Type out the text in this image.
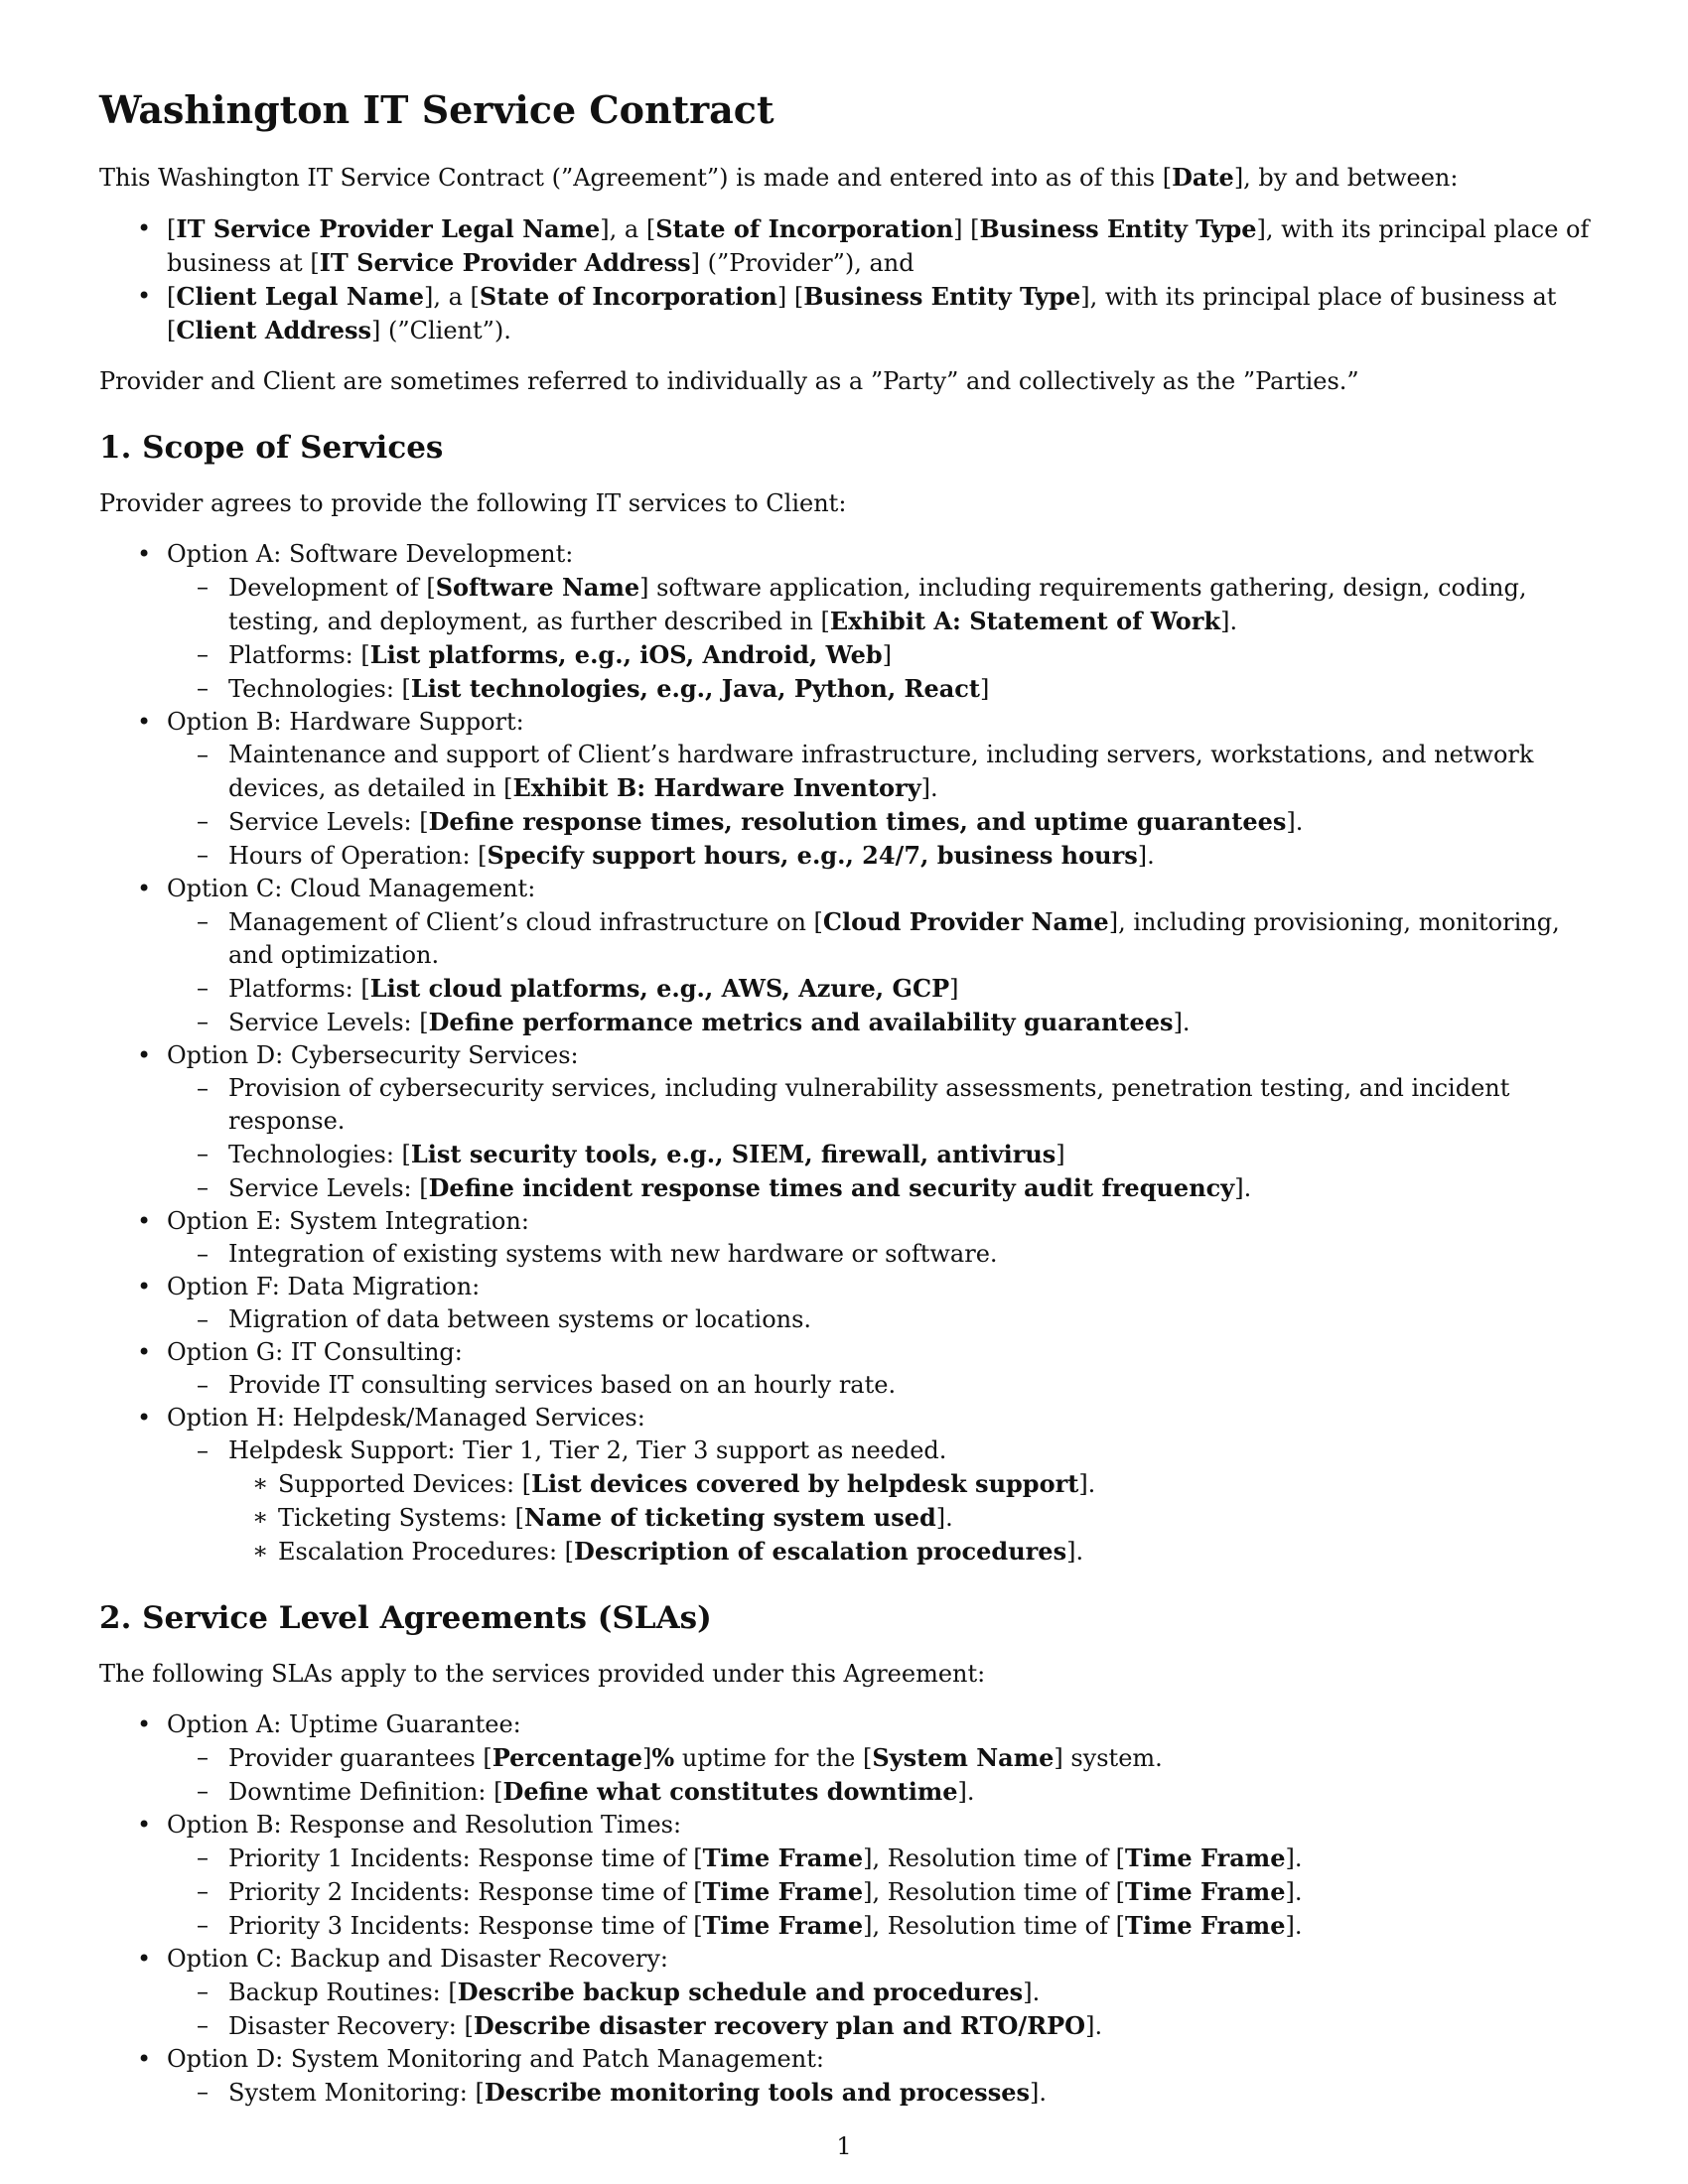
Washington IT Service Contract

This Washington IT Service Contract (”Agreement”) is made and entered into as of this [Date], by and between:

• [IT Service Provider Legal Name], a [State of Incorporation] [Business Entity Type], with its principal place of business at [IT Service Provider Address] (”Provider”), and
• [Client Legal Name], a [State of Incorporation] [Business Entity Type], with its principal place of business at [Client Address] (”Client”).

Provider and Client are sometimes referred to individually as a ”Party” and collectively as the ”Parties.”

1. Scope of Services

Provider agrees to provide the following IT services to Client:

• Option A: Software Development:
– Development of [Software Name] software application, including requirements gathering, design, coding, testing, and deployment, as further described in [Exhibit A: Statement of Work].
– Platforms: [List platforms, e.g., iOS, Android, Web]
– Technologies: [List technologies, e.g., Java, Python, React]
• Option B: Hardware Support:
– Maintenance and support of Client’s hardware infrastructure, including servers, workstations, and network devices, as detailed in [Exhibit B: Hardware Inventory].
– Service Levels: [Define response times, resolution times, and uptime guarantees].
– Hours of Operation: [Specify support hours, e.g., 24/7, business hours].
• Option C: Cloud Management:
– Management of Client’s cloud infrastructure on [Cloud Provider Name], including provisioning, monitoring, and optimization.
– Platforms: [List cloud platforms, e.g., AWS, Azure, GCP]
– Service Levels: [Define performance metrics and availability guarantees].
• Option D: Cybersecurity Services:
– Provision of cybersecurity services, including vulnerability assessments, penetration testing, and incident response.
– Technologies: [List security tools, e.g., SIEM, firewall, antivirus]
– Service Levels: [Define incident response times and security audit frequency].
• Option E: System Integration:
– Integration of existing systems with new hardware or software.
• Option F: Data Migration:
– Migration of data between systems or locations.
• Option G: IT Consulting:
– Provide IT consulting services based on an hourly rate.
• Option H: Helpdesk/Managed Services:
– Helpdesk Support: Tier 1, Tier 2, Tier 3 support as needed.
∗ Supported Devices: [List devices covered by helpdesk support].
∗ Ticketing Systems: [Name of ticketing system used].
∗ Escalation Procedures: [Description of escalation procedures].
2. Service Level Agreements (SLAs)

The following SLAs apply to the services provided under this Agreement:

• Option A: Uptime Guarantee:
– Provider guarantees [Percentage]% uptime for the [System Name] system.
– Downtime Definition: [Define what constitutes downtime].
• Option B: Response and Resolution Times:
– Priority 1 Incidents: Response time of [Time Frame], Resolution time of [Time Frame].
– Priority 2 Incidents: Response time of [Time Frame], Resolution time of [Time Frame].
– Priority 3 Incidents: Response time of [Time Frame], Resolution time of [Time Frame].
• Option C: Backup and Disaster Recovery:
– Backup Routines: [Describe backup schedule and procedures].
– Disaster Recovery: [Describe disaster recovery plan and RTO/RPO].
• Option D: System Monitoring and Patch Management:
– System Monitoring: [Describe monitoring tools and processes].
1
